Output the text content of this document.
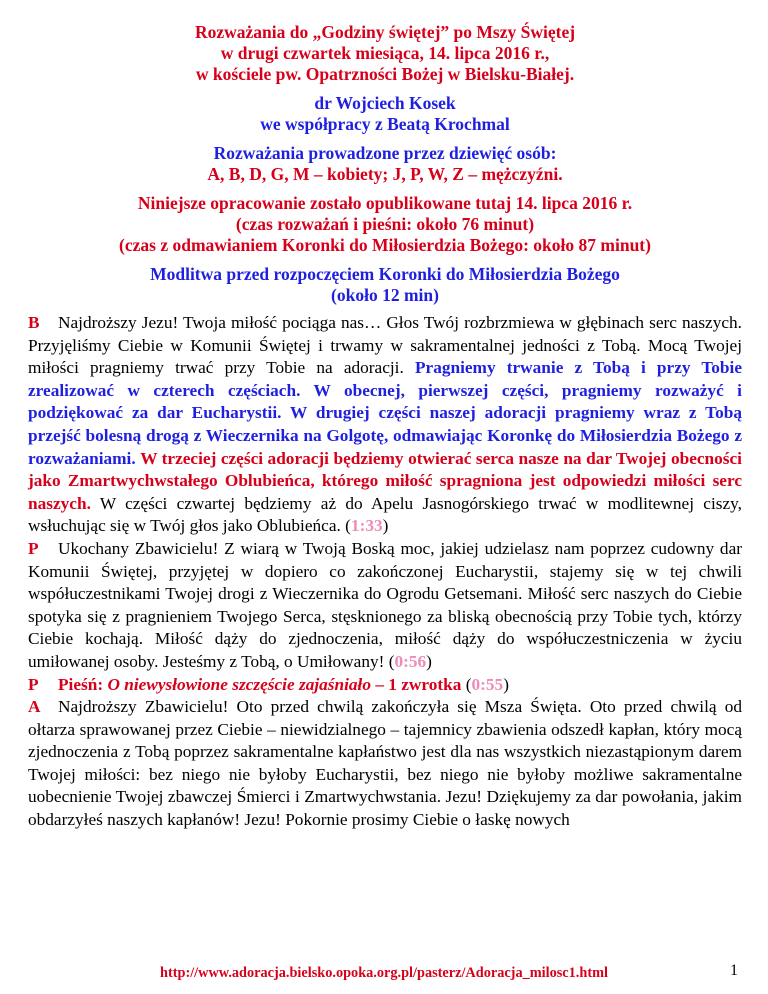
Rozważania do „Godziny świętej” po Mszy Świętej
w drugi czwartek miesiąca, 14. lipca 2016 r.,
w kościele pw. Opatrzności Bożej w Bielsku-Białej.
dr Wojciech Kosek
we współpracy z Beatą Krochmal
Rozważania prowadzone przez dziewięć osób:
A, B, D, G, M – kobiety; J, P, W, Z – mężczyźni.
Niniejsze opracowanie zostało opublikowane tutaj 14. lipca 2016 r.
(czas rozważań i pieśni: około 76 minut)
(czas z odmawianiem Koronki do Miłosierdzia Bożego: około 87 minut)
Modlitwa przed rozpoczęciem Koronki do Miłosierdzia Bożego
(około 12 min)
B Najdroższy Jezu! Twoja miłość pociąga nas… Głos Twój rozbrzmiewa w głębinach serc naszych. Przyjęliśmy Ciebie w Komunii Świętej i trwamy w sakramentalnej jedności z Tobą. Mocą Twojej miłości pragniemy trwać przy Tobie na adoracji. Pragniemy trwanie z Tobą i przy Tobie zrealizować w czterech częściach. W obecnej, pierwszej części, pragniemy rozważyć i podziękować za dar Eucharystii. W drugiej części naszej adoracji pragniemy wraz z Tobą przejść bolesną drogą z Wieczernika na Golgotę, odmawiając Koronkę do Miłosierdzia Bożego z rozważaniami. W trzeciej części adoracji będziemy otwierać serca nasze na dar Twojej obecności jako Zmartwychwstałego Oblubieńca, którego miłość spragniona jest odpowiedzi miłości serc naszych. W części czwartej będziemy aż do Apelu Jasnogórskiego trwać w modlitewnej ciszy, wsłuchując się w Twój głos jako Oblubieńca. (1:33)
P Ukochany Zbawicielu! Z wiarą w Twoją Boską moc, jakiej udzielasz nam poprzez cudowny dar Komunii Świętej, przyjętej w dopiero co zakończonej Eucharystii, stajemy się w tej chwili współuczestnikami Twojej drogi z Wieczernika do Ogrodu Getsemani. Miłość serc naszych do Ciebie spotyka się z pragnieniem Twojego Serca, stęsknionego za bliską obecnością przy Tobie tych, którzy Ciebie kochają. Miłość dąży do zjednoczenia, miłość dąży do współuczestniczenia w życiu umiłowanej osoby. Jesteśmy z Tobą, o Umiłowany! (0:56)
P Pieśń: O niewysłowione szczęście zajaśniało – 1 zwrotka (0:55)
A Najdroższy Zbawicielu! Oto przed chwilą zakończyła się Msza Święta. Oto przed chwilą od ołtarza sprawowanej przez Ciebie – niewidzialnego – tajemnicy zbawienia odszedł kapłan, który mocą zjednoczenia z Tobą poprzez sakramentalne kapłaństwo jest dla nas wszystkich niezastąpionym darem Twojej miłości: bez niego nie byłoby Eucharystii, bez niego nie byłoby możliwe sakramentalne uobecnienie Twojej zbawczej Śmierci i Zmartwychwstania. Jezu! Dziękujemy za dar powołania, jakim obdarzyłeś naszych kapłanów! Jezu! Pokornie prosimy Ciebie o łaskę nowych
http://www.adoracja.bielsko.opoka.org.pl/pasterz/Adoracja_milosc1.html	1
